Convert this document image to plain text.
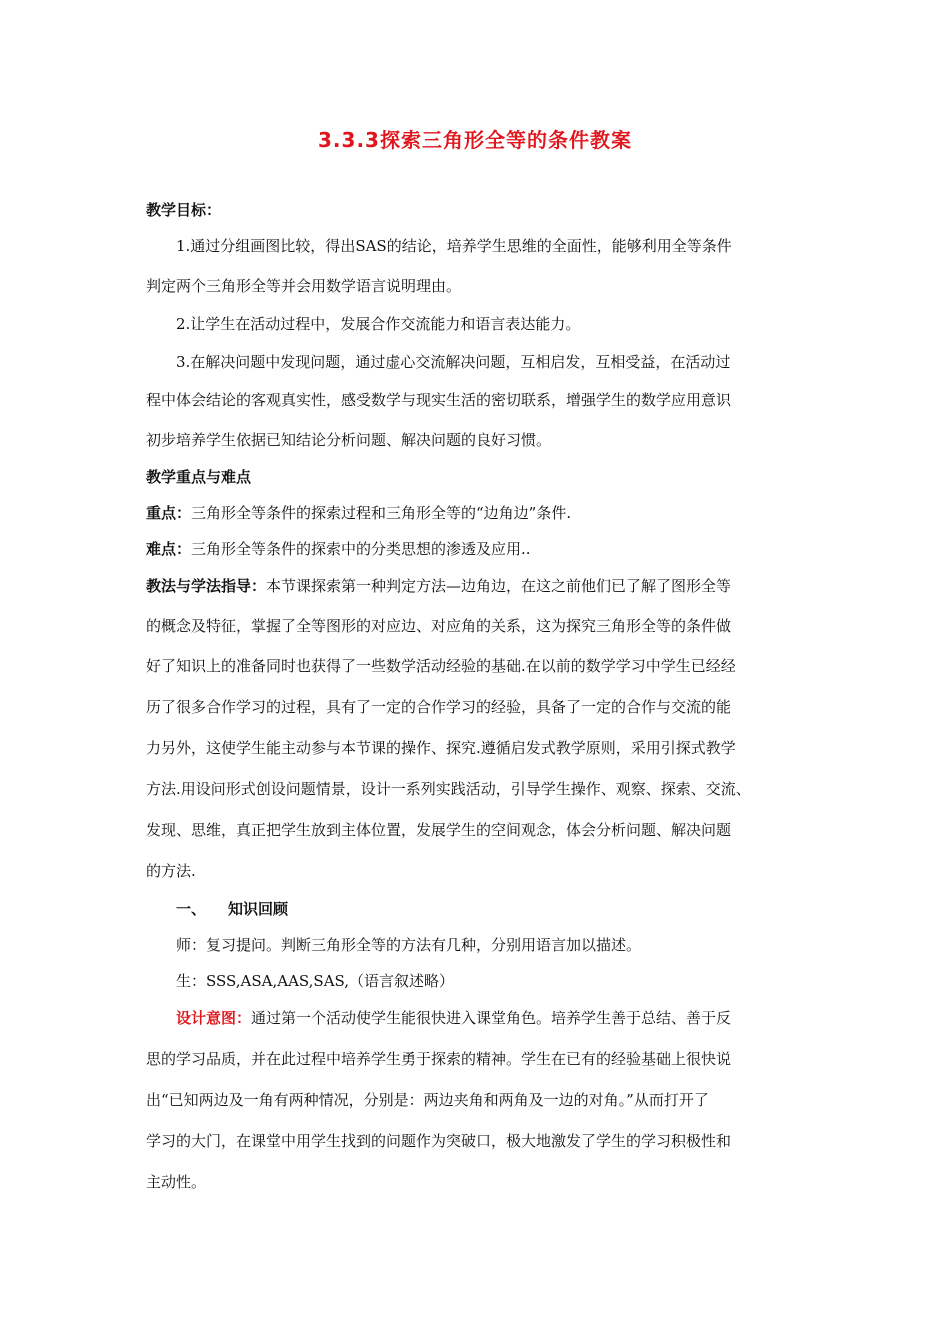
3.3.3探索三角形全等的条件教案
教学目标：
1.通过分组画图比较，得出SAS的结论，培养学生思维的全面性，能够利用全等条件
判定两个三角形全等并会用数学语言说明理由。
2.让学生在活动过程中，发展合作交流能力和语言表达能力。
3.在解决问题中发现问题，通过虚心交流解决问题，互相启发，互相受益，在活动过
程中体会结论的客观真实性，感受数学与现实生活的密切联系，增强学生的数学应用意识
初步培养学生依据已知结论分析问题、解决问题的良好习惯。
教学重点与难点
重点：三角形全等条件的探索过程和三角形全等的“边角边”条件.
难点：三角形全等条件的探索中的分类思想的渗透及应用..
教法与学法指导：本节课探索第一种判定方法—边角边，在这之前他们已了解了图形全等
的概念及特征，掌握了全等图形的对应边、对应角的关系，这为探究三角形全等的条件做
好了知识上的准备同时也获得了一些数学活动经验的基础.在以前的数学学习中学生已经经
历了很多合作学习的过程，具有了一定的合作学习的经验，具备了一定的合作与交流的能
力另外，这使学生能主动参与本节课的操作、探究.遵循启发式教学原则，采用引探式教学
方法.用设问形式创设问题情景，设计一系列实践活动，引导学生操作、观察、探索、交流、
发现、思维，真正把学生放到主体位置，发展学生的空间观念，体会分析问题、解决问题
的方法.
一、 知识回顾
师：复习提问。判断三角形全等的方法有几种，分别用语言加以描述。
生：SSS,ASA,AAS,SAS,（语言叙述略）
设计意图：通过第一个活动使学生能很快进入课堂角色。培养学生善于总结、善于反
思的学习品质，并在此过程中培养学生勇于探索的精神。学生在已有的经验基础上很快说
出“已知两边及一角有两种情况，分别是：两边夹角和两角及一边的对角。”从而打开了
学习的大门，在课堂中用学生找到的问题作为突破口，极大地激发了学生的学习积极性和
主动性。
